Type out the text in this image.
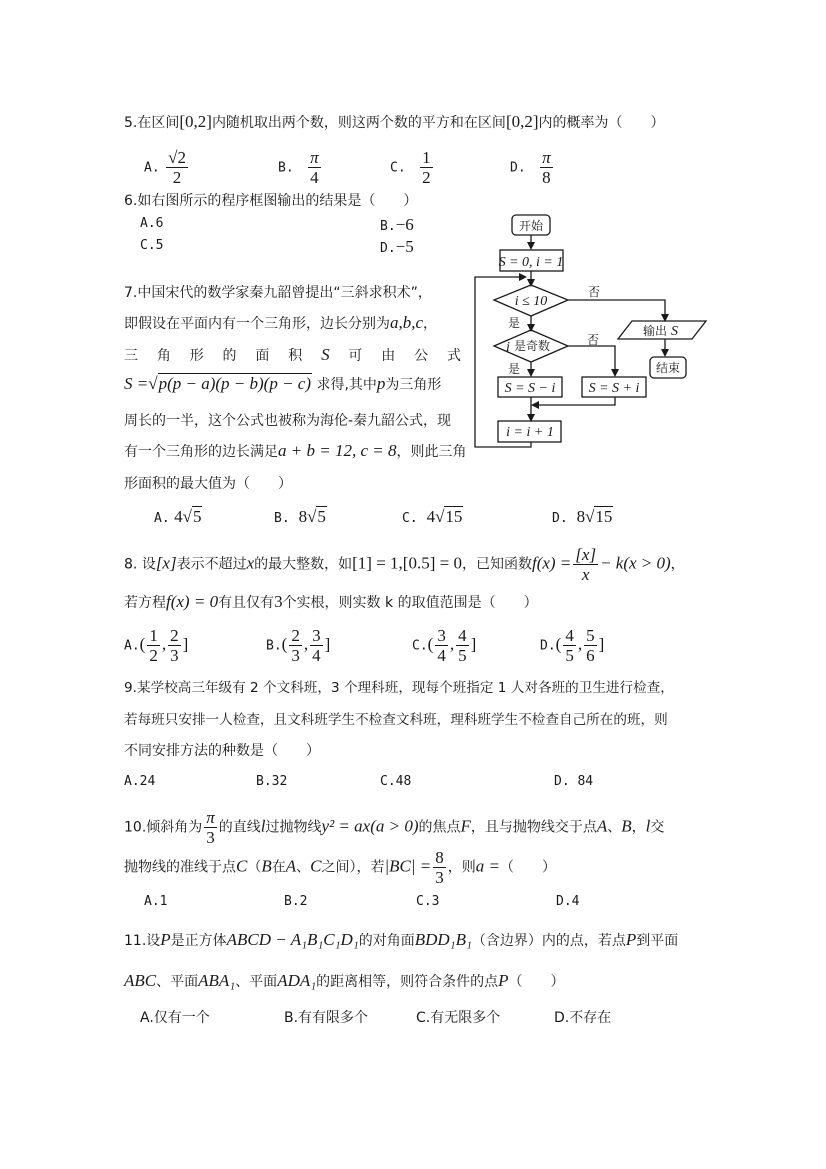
5.在区间[0,2]内随机取出两个数，则这两个数的平方和在区间[0,2]内的概率为（　　）
A. $\frac{√2}{2}$	B. $\frac{\pi}{4}$	C. $\frac{1}{2}$	D. $\frac{\pi}{8}$
6.如右图所示的程序框图输出的结果是（　　）
A.6	B.−6
C.5	D.−5
开始
S = 0, i = 1
i ≤ 10
否
是
i 是奇数	否
是
S = S − i S = S + i
i = i + 1
输出 S
结束
7.中国宋代的数学家秦九韶曾提出“三斜求积术”，
即假设在平面内有一个三角形，边长分别为a,b,c，
三 角 形 的 面 积 S 可 由 公 式
S =√p(p − a)(p − b)(p − c) 求得,其中p为三角形
周长的一半，这个公式也被称为海伦-秦九韶公式，现
有一个三角形的边长满足a + b = 12, c = 8，则此三角
形面积的最大值为（　　）
A. 4√5	B. 8√5	C. 4√15	D. 8√15
8. 设[x]表示不超过x的最大整数，如[1] = 1,[0.5] = 0，已知函数$f(x) = \frac{[x]}{x} - k(x > 0)$，
若方程f(x) = 0有且仅有3个实根，则实数 k 的取值范围是（　　）
$A.( \frac{1}{2}$ , $\frac{2}{3}$ ]	$B.( \frac{2}{3}$ , $\frac{3}{4}$ ]	$C.( \frac{3}{4}$ , $\frac{4}{5}$ ]	$D.( \frac{4}{5}$ , $\frac{5}{6}$ ]
9.某学校高三年级有 2 个文科班，3 个理科班，现每个班指定 1 人对各班的卫生进行检查，
若每班只安排一人检查，且文科班学生不检查文科班，理科班学生不检查自己所在的班，则
不同安排方法的种数是（　　）
A.24	B.32	C.48	D. 84
10.倾斜角为 $\frac{\pi}{3}$ 的直线l过抛物线y² = ax(a > 0)的焦点F，且与抛物线交于点A、B，l交
抛物线的准线于点C（B在A、C之间），若$|BC| = \frac{8}{3}$ ，则a =（　　）
A.1	B.2	C.3	D.4
11.设P是正方体ABCD − A₁B₁C₁D₁的对角面BDD₁B₁（含边界）内的点，若点P到平面
ABC、平面ABA₁、平面ADA₁的距离相等，则符合条件的点P（　　）
A.仅有一个	B.有有限多个	C.有无限多个	D.不存在
